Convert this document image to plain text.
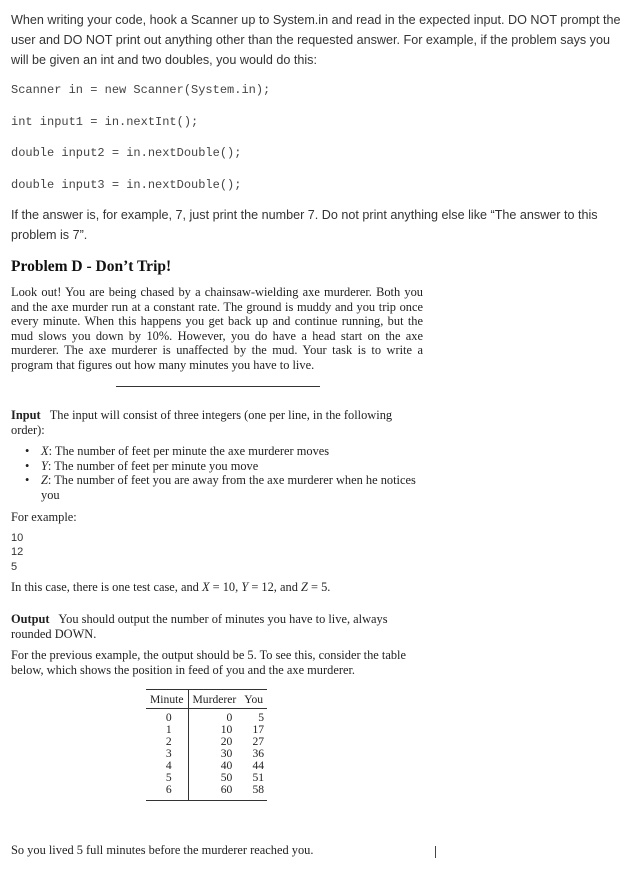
When writing your code, hook a Scanner up to System.in and read in the expected input. DO NOT prompt the user and DO NOT print out anything other than the requested answer. For example, if the problem says you will be given an int and two doubles, you would do this:

Scanner in = new Scanner(System.in);
int input1 = in.nextInt();
double input2 = in.nextDouble();
double input3 = in.nextDouble();

If the answer is, for example, 7, just print the number 7. Do not print anything else like “The answer to this problem is 7”.

Problem D - Don’t Trip!

Look out! You are being chased by a chainsaw-wielding axe murderer. Both you and the axe murder run at a constant rate. The ground is muddy and you trip once every minute. When this happens you get back up and continue running, but the mud slows you down by 10%. However, you do have a head start on the axe murderer. The axe murderer is unaffected by the mud. Your task is to write a program that figures out how many minutes you have to live.

Input The input will consist of three integers (one per line, in the following order):

• X: The number of feet per minute the axe murderer moves
• Y: The number of feet per minute you move
• Z: The number of feet you are away from the axe murderer when he notices you
For example:
10
12
5

In this case, there is one test case, and X = 10, Y = 12, and Z = 5.

Output You should output the number of minutes you have to live, always rounded DOWN.

For the previous example, the output should be 5. To see this, consider the table below, which shows the position in feed of you and the axe murderer.

Minute	Murderer	You
0	0	5
1	10	17
2	20	27
3	30	36
4	40	44
5	50	51
6	60	58

So you lived 5 full minutes before the murderer reached you.
